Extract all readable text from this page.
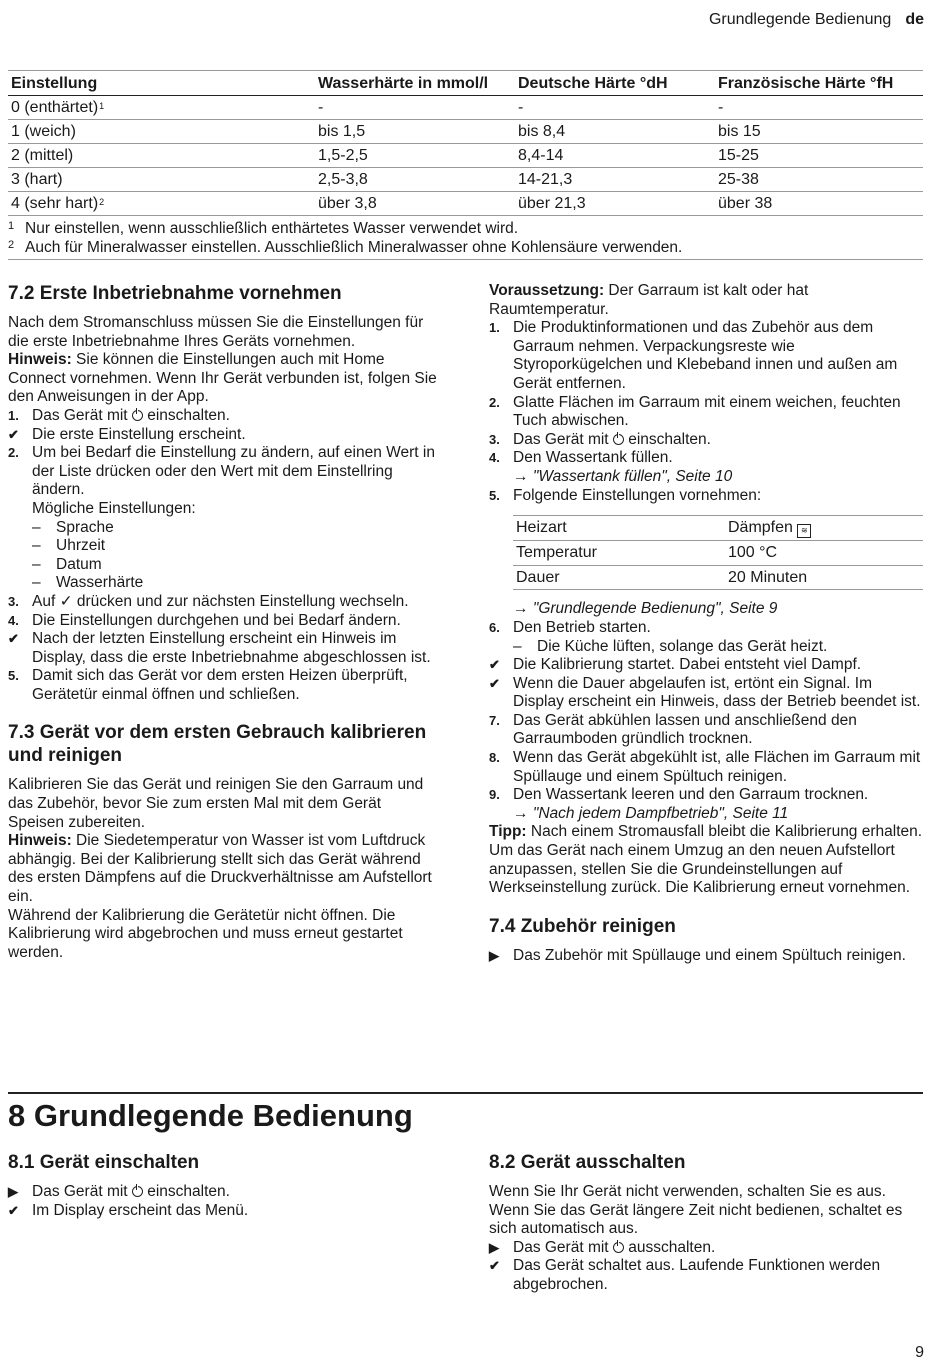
Grundlegende Bedienung de
Einstellung	Wasserhärte in mmol/l	Deutsche Härte °dH	Französische Härte °fH
0 (enthärtet)$^1$	-	-	-
1 (weich)	bis 1,5	bis 8,4	bis 15
2 (mittel)	1,5-2,5	8,4-14	15-25
3 (hart)	2,5-3,8	14-21,3	25-38
4 (sehr hart)$^2$	über 3,8	über 21,3	über 38
1 Nur einstellen, wenn ausschließlich enthärtetes Wasser verwendet wird.
2 Auch für Mineralwasser einstellen. Ausschließlich Mineralwasser ohne Kohlensäure verwenden.
7.2 Erste Inbetriebnahme vornehmen

Nach dem Stromanschluss müssen Sie die Einstellungen für die erste Inbetriebnahme Ihres Geräts vornehmen.

Hinweis: Sie können die Einstellungen auch mit Home Connect vornehmen. Wenn Ihr Gerät verbunden ist, folgen Sie den Anweisungen in der App.

1. Das Gerät mit  einschalten.
✔ Die erste Einstellung erscheint.
2. Um bei Bedarf die Einstellung zu ändern, auf einen Wert in der Liste drücken oder den Wert mit dem Einstellring ändern.

Mögliche Einstellungen:

– Sprache
– Uhrzeit
– Datum
– Wasserhärte
3. Auf ✓ drücken und zur nächsten Einstellung wechseln.
4. Die Einstellungen durchgehen und bei Bedarf ändern.
✔ Nach der letzten Einstellung erscheint ein Hinweis im Display, dass die erste Inbetriebnahme abgeschlossen ist.
5. Damit sich das Gerät vor dem ersten Heizen überprüft, Gerätetür einmal öffnen und schließen.
7.3 Gerät vor dem ersten Gebrauch kalibrieren und reinigen

Kalibrieren Sie das Gerät und reinigen Sie den Garraum und das Zubehör, bevor Sie zum ersten Mal mit dem Gerät Speisen zubereiten.

Hinweis: Die Siedetemperatur von Wasser ist vom Luftdruck abhängig. Bei der Kalibrierung stellt sich das Gerät während des ersten Dämpfens auf die Druckverhältnisse am Aufstellort ein.

Während der Kalibrierung die Gerätetür nicht öffnen. Die Kalibrierung wird abgebrochen und muss erneut gestartet werden.

Voraussetzung: Der Garraum ist kalt oder hat Raumtemperatur.

1. Die Produktinformationen und das Zubehör aus dem Garraum nehmen. Verpackungsreste wie Styroporkügelchen und Klebeband innen und außen am Gerät entfernen.
2. Glatte Flächen im Garraum mit einem weichen, feuchten Tuch abwischen.
3. Das Gerät mit  einschalten.
4. Den Wassertank füllen.
→ "Wassertank füllen", Seite 10
5. Folgende Einstellungen vornehmen:
Heizart	Dämpfen ≋
Temperatur	100 °C
Dauer	20 Minuten
→ "Grundlegende Bedienung", Seite 9
6. Den Betrieb starten.
– Die Küche lüften, solange das Gerät heizt.
✔ Die Kalibrierung startet. Dabei entsteht viel Dampf.
✔ Wenn die Dauer abgelaufen ist, ertönt ein Signal. Im Display erscheint ein Hinweis, dass der Betrieb beendet ist.
7. Das Gerät abkühlen lassen und anschließend den Garraumboden gründlich trocknen.
8. Wenn das Gerät abgekühlt ist, alle Flächen im Garraum mit Spüllauge und einem Spültuch reinigen.
9. Den Wassertank leeren und den Garraum trocknen.
→ "Nach jedem Dampfbetrieb", Seite 11

Tipp: Nach einem Stromausfall bleibt die Kalibrierung erhalten.

Um das Gerät nach einem Umzug an den neuen Aufstellort anzupassen, stellen Sie die Grundeinstellungen auf Werkseinstellung zurück. Die Kalibrierung erneut vornehmen.

7.4 Zubehör reinigen
▶ Das Zubehör mit Spüllauge und einem Spültuch reinigen.
8 Grundlegende Bedienung
8.1 Gerät einschalten
▶ Das Gerät mit  einschalten.
✔ Im Display erscheint das Menü.
8.2 Gerät ausschalten

Wenn Sie Ihr Gerät nicht verwenden, schalten Sie es aus. Wenn Sie das Gerät längere Zeit nicht bedienen, schaltet es sich automatisch aus.

▶ Das Gerät mit  ausschalten.
✔ Das Gerät schaltet aus. Laufende Funktionen werden abgebrochen.
9
